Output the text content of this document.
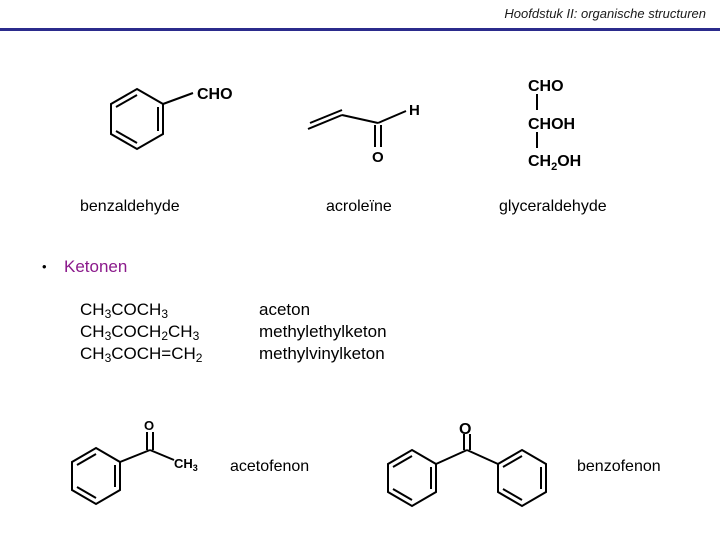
Hoofdstuk II: organische structuren
CHO
benzaldehyde
H
O
acroleïne
CHO
CHOH
$CH_2OH$
glyceraldehyde
• Ketonen
$CH_3COCH_3$
$CH_3COCH_2CH_3$
$CH_3COCH=CH_2$
aceton
methylethylketon
methylvinylketon
O
$CH_3$ acetofenon
O
benzofenon
